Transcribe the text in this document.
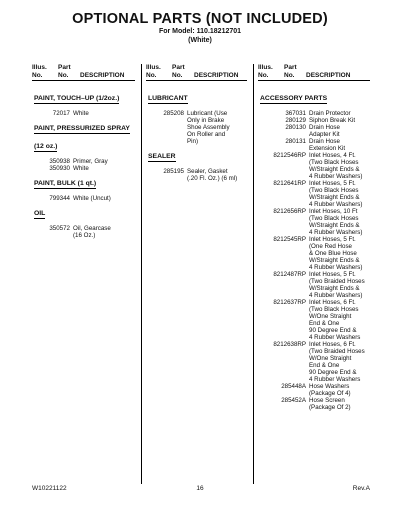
OPTIONAL PARTS (NOT INCLUDED)
For Model: 110.18212701
(White)
Illus.
No.
Part
No.
	DESCRIPTION
PAINT, TOUCH–UP (1/2oz.)
72017 White
PAINT, PRESSURIZED SPRAY
(12 oz.)
350938 Primer, Gray
350930 White
PAINT, BULK (1 qt.)
799344 White (Uncut)
OIL
350572 Oil, Gearcase
(16 Oz.)
Illus.
No.
Part
No.
	DESCRIPTION
LUBRICANT
285208 Lubricant (Use
Only in Brake
Shoe Assembly
On Roller and
Pin)
SEALER
285195 Sealer, Gasket
(.20 Fl. Oz.) (6 ml)
Illus.
No.
Part
No.
	DESCRIPTION
ACCESSORY PARTS
367031 Drain Protector
280129 Siphon Break Kit
280130 Drain Hose
Adapter Kit
280131 Drain Hose
Extension Kit
8212546RP Inlet Hoses, 4 Ft.
(Two Black Hoses
W/Straight Ends &
4 Rubber Washers)
8212641RP Inlet Hoses, 5 Ft.
(Two Black Hoses
W/Straight Ends &
4 Rubber Washers)
8212656RP Inlet Hoses, 10 Ft
(Two Black Hoses
W/Straight Ends &
4 Rubber Washers)
8212545RP Inlet Hoses, 5 Ft.
(One Red Hose
& One Blue Hose
W/Straight Ends &
4 Rubber Washers)
8212487RP Inlet Hoses, 5 Ft.
(Two Braided Hoses
W/Straight Ends &
4 Rubber Washers)
8212637RP Inlet Hoses, 6 Ft.
(Two Black Hoses
W/One Straight
End & One
90 Degree End &
4 Rubber Washers
8212638RP Inlet Hoses, 6 Ft.
(Two Braided Hoses
W/One Straight
End & One
90 Degree End &
4 Rubber Washers
285448A Hose Washers
(Package Of 4)
285452A Hose Screen
(Package Of 2)
W10221122	16	Rev.A
